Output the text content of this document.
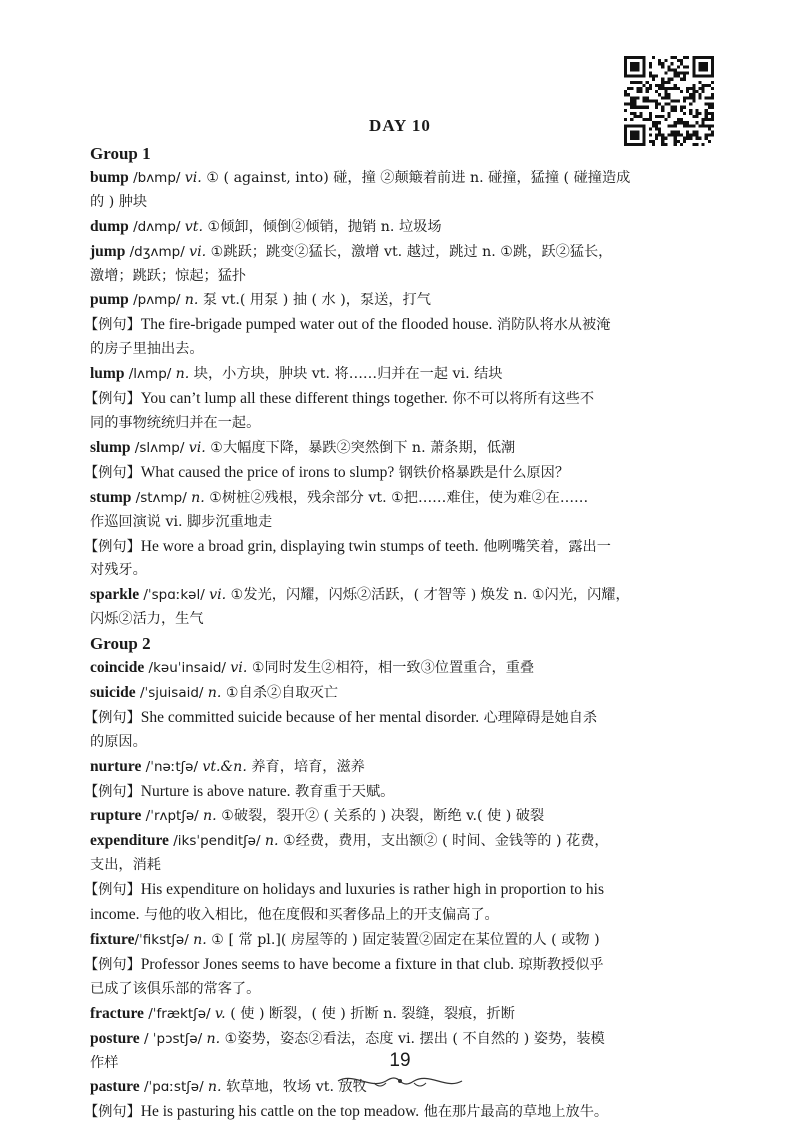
DAY 10
Group 1
bump /bʌmp/ vi. ① ( against, into) 碰，撞 ②颠簸着前进 n. 碰撞，猛撞 ( 碰撞造成
的 ) 肿块
dump /dʌmp/ vt. ①倾卸，倾倒②倾销，抛销 n. 垃圾场
jump /dʒʌmp/ vi. ①跳跃；跳变②猛长，激增 vt. 越过，跳过 n. ①跳，跃②猛长，
激增；跳跃；惊起；猛扑
pump /pʌmp/ n. 泵 vt.( 用泵 ) 抽 ( 水 )，泵送，打气
【例句】The fire-brigade pumped water out of the flooded house. 消防队将水从被淹
的房子里抽出去。
lump /lʌmp/ n. 块，小方块，肿块 vt. 将……归并在一起 vi. 结块
【例句】You can’t lump all these different things together. 你不可以将所有这些不
同的事物统统归并在一起。
slump /slʌmp/ vi. ①大幅度下降，暴跌②突然倒下 n. 萧条期，低潮
【例句】What caused the price of irons to slump? 钢铁价格暴跌是什么原因？
stump /stʌmp/ n. ①树桩②残根，残余部分 vt. ①把……难住，使为难②在……
作巡回演说 vi. 脚步沉重地走
【例句】He wore a broad grin, displaying twin stumps of teeth. 他咧嘴笑着，露出一
对残牙。
sparkle /ˈspɑːkəl/ vi. ①发光，闪耀，闪烁②活跃，( 才智等 ) 焕发 n. ①闪光，闪耀，
闪烁②活力，生气
Group 2
coincide /kəuˈinsaid/ vi. ①同时发生②相符，相一致③位置重合，重叠
suicide /ˈsjuisaid/ n. ①自杀②自取灭亡
【例句】She committed suicide because of her mental disorder. 心理障碍是她自杀
的原因。
nurture /ˈnəːtʃə/ vt.&n. 养育，培育，滋养
【例句】Nurture is above nature. 教育重于天赋。
rupture /ˈrʌptʃə/ n. ①破裂，裂开② ( 关系的 ) 决裂，断绝 v.( 使 ) 破裂
expenditure /iksˈpenditʃə/ n. ①经费，费用，支出额② ( 时间、金钱等的 ) 花费，
支出，消耗
【例句】His expenditure on holidays and luxuries is rather high in proportion to his
income. 与他的收入相比，他在度假和买奢侈品上的开支偏高了。
fixture/ˈfikstʃə/ n. ① [ 常 pl.]( 房屋等的 ) 固定装置②固定在某位置的人 ( 或物 )
【例句】Professor Jones seems to have become a fixture in that club. 琼斯教授似乎
已成了该俱乐部的常客了。
fracture /ˈfræktʃə/ v. ( 使 ) 断裂，( 使 ) 折断 n. 裂缝，裂痕，折断
posture / ˈpɔstʃə/ n. ①姿势，姿态②看法，态度 vi. 摆出 ( 不自然的 ) 姿势，装模
作样
pasture /ˈpɑːstʃə/ n. 软草地，牧场 vt. 放牧
【例句】He is pasturing his cattle on the top meadow. 他在那片最高的草地上放牛。
19
